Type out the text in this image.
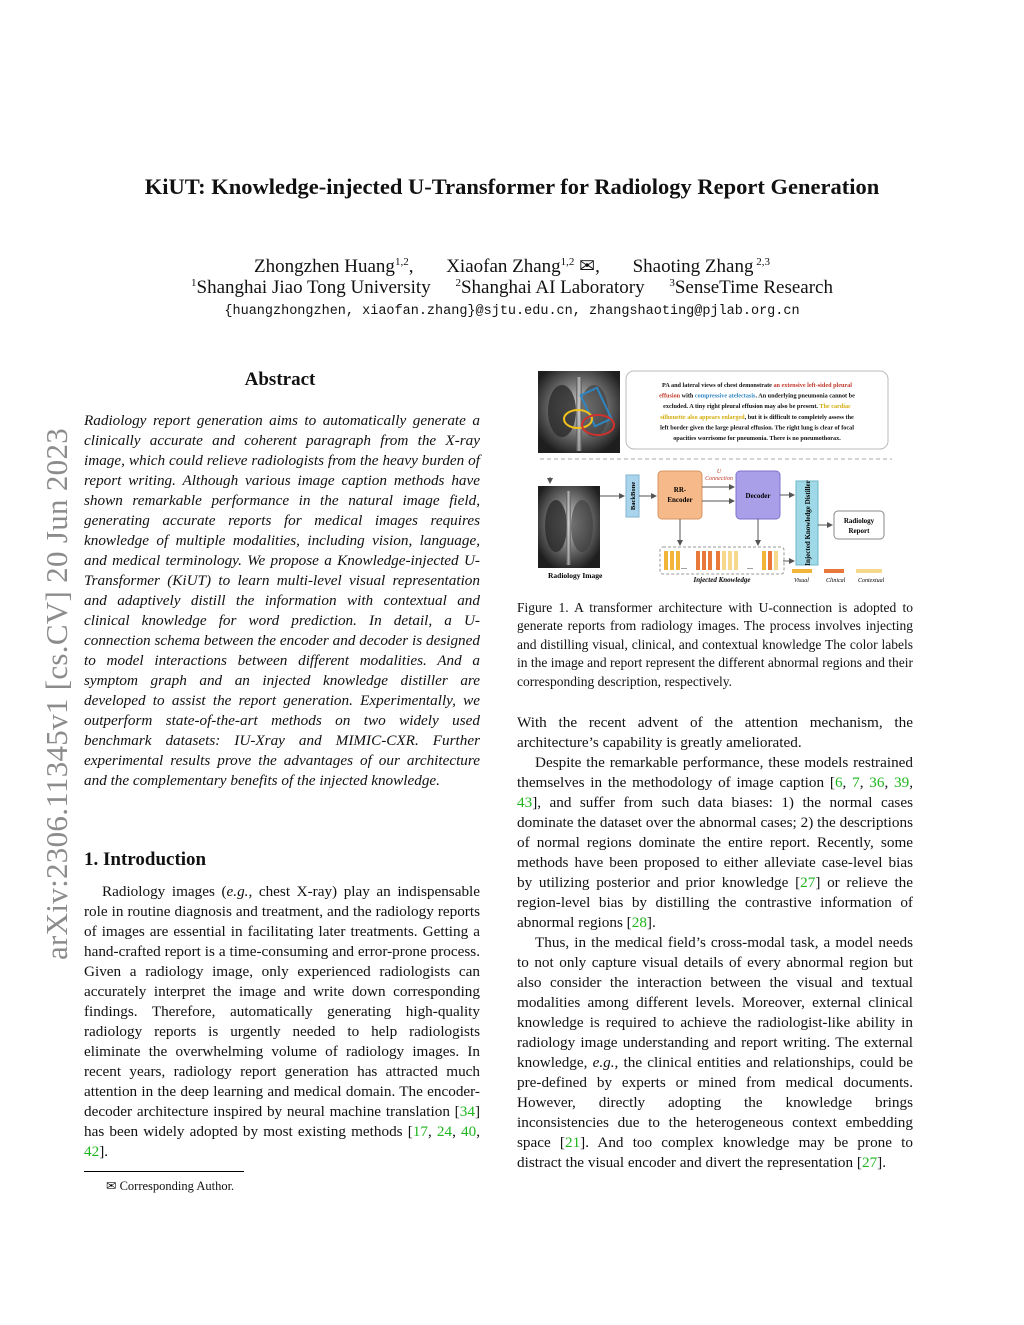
arXiv:2306.11345v1 [cs.CV] 20 Jun 2023
KiUT: Knowledge-injected U-Transformer for Radiology Report Generation
Zhongzhen Huang$^{1,2}$, Xiaofan Zhang$^{1,2}$ ✉, Shaoting Zhang $^{2,3}$
$^1$Shanghai Jiao Tong University $^2$Shanghai AI Laboratory $^3$SenseTime Research
{huangzhongzhen, xiaofan.zhang}@sjtu.edu.cn, zhangshaoting@pjlab.org.cn
Abstract
Radiology report generation aims to automatically generate a clinically accurate and coherent paragraph from the X-ray image, which could relieve radiologists from the heavy burden of report writing. Although various image caption methods have shown remarkable performance in the natural image field, generating accurate reports for medical images requires knowledge of multiple modalities, including vision, language, and medical terminology. We propose a Knowledge-injected U-Transformer (KiUT) to learn multi-level visual representation and adaptively distill the information with contextual and clinical knowledge for word prediction. In detail, a U-connection schema between the encoder and decoder is designed to model interactions between different modalities. And a symptom graph and an injected knowledge distiller are developed to assist the report generation. Experimentally, we outperform state-of-the-art methods on two widely used benchmark datasets: IU-Xray and MIMIC-CXR. Further experimental results prove the advantages of our architecture and the complementary benefits of the injected knowledge.
1. Introduction

Radiology images (e.g., chest X-ray) play an indispensable role in routine diagnosis and treatment, and the radiology reports of images are essential in facilitating later treatments. Getting a hand-crafted report is a time-consuming and error-prone process. Given a radiology image, only experienced radiologists can accurately interpret the image and write down corresponding findings. Therefore, automatically generating high-quality radiology reports is urgently needed to help radiologists eliminate the overwhelming volume of radiology images. In recent years, radiology report generation has attracted much attention in the deep learning and medical domain. The encoder-decoder architecture inspired by neural machine translation [34] has been widely adopted by most existing methods [17, 24, 40, 42].

✉ Corresponding Author.
PA and lateral views of chest demonstrate an extensive left-sided pleural
effusion with compressive atelectasis. An underlying pneumonia cannot be
excluded. A tiny right pleural effusion may also be present. The cardiac
silhouette also appears enlarged, but it is difficult to completely assess the
left border given the large pleural effusion. The right lung is clear of focal
opacities worrisome for pneumonia. There is no pneumothorax.
Radiology Image
BackBone	RR-
Encoder	Decoder
U
Connection
Injected Knowledge Distiller	Radiology
Report
...	...
Injected Knowledge	Visual	Clinical Contextual
Figure 1. A transformer architecture with U-connection is adopted to generate reports from radiology images. The process involves injecting and distilling visual, clinical, and contextual knowledge The color labels in the image and report represent the different abnormal regions and their corresponding description, respectively.

With the recent advent of the attention mechanism, the architecture’s capability is greatly ameliorated.

Despite the remarkable performance, these models restrained themselves in the methodology of image caption [6, 7, 36, 39, 43], and suffer from such data biases: 1) the normal cases dominate the dataset over the abnormal cases; 2) the descriptions of normal regions dominate the entire report. Recently, some methods have been proposed to either alleviate case-level bias by utilizing posterior and prior knowledge [27] or relieve the region-level bias by distilling the contrastive information of abnormal regions [28].

Thus, in the medical field’s cross-modal task, a model needs to not only capture visual details of every abnormal region but also consider the interaction between the visual and textual modalities among different levels. Moreover, external clinical knowledge is required to achieve the radiologist-like ability in radiology image understanding and report writing. The external knowledge, e.g., the clinical entities and relationships, could be pre-defined by experts or mined from medical documents. However, directly adopting the knowledge brings inconsistencies due to the heterogeneous context embedding space [21]. And too complex knowledge may be prone to distract the visual encoder and divert the representation [27].
